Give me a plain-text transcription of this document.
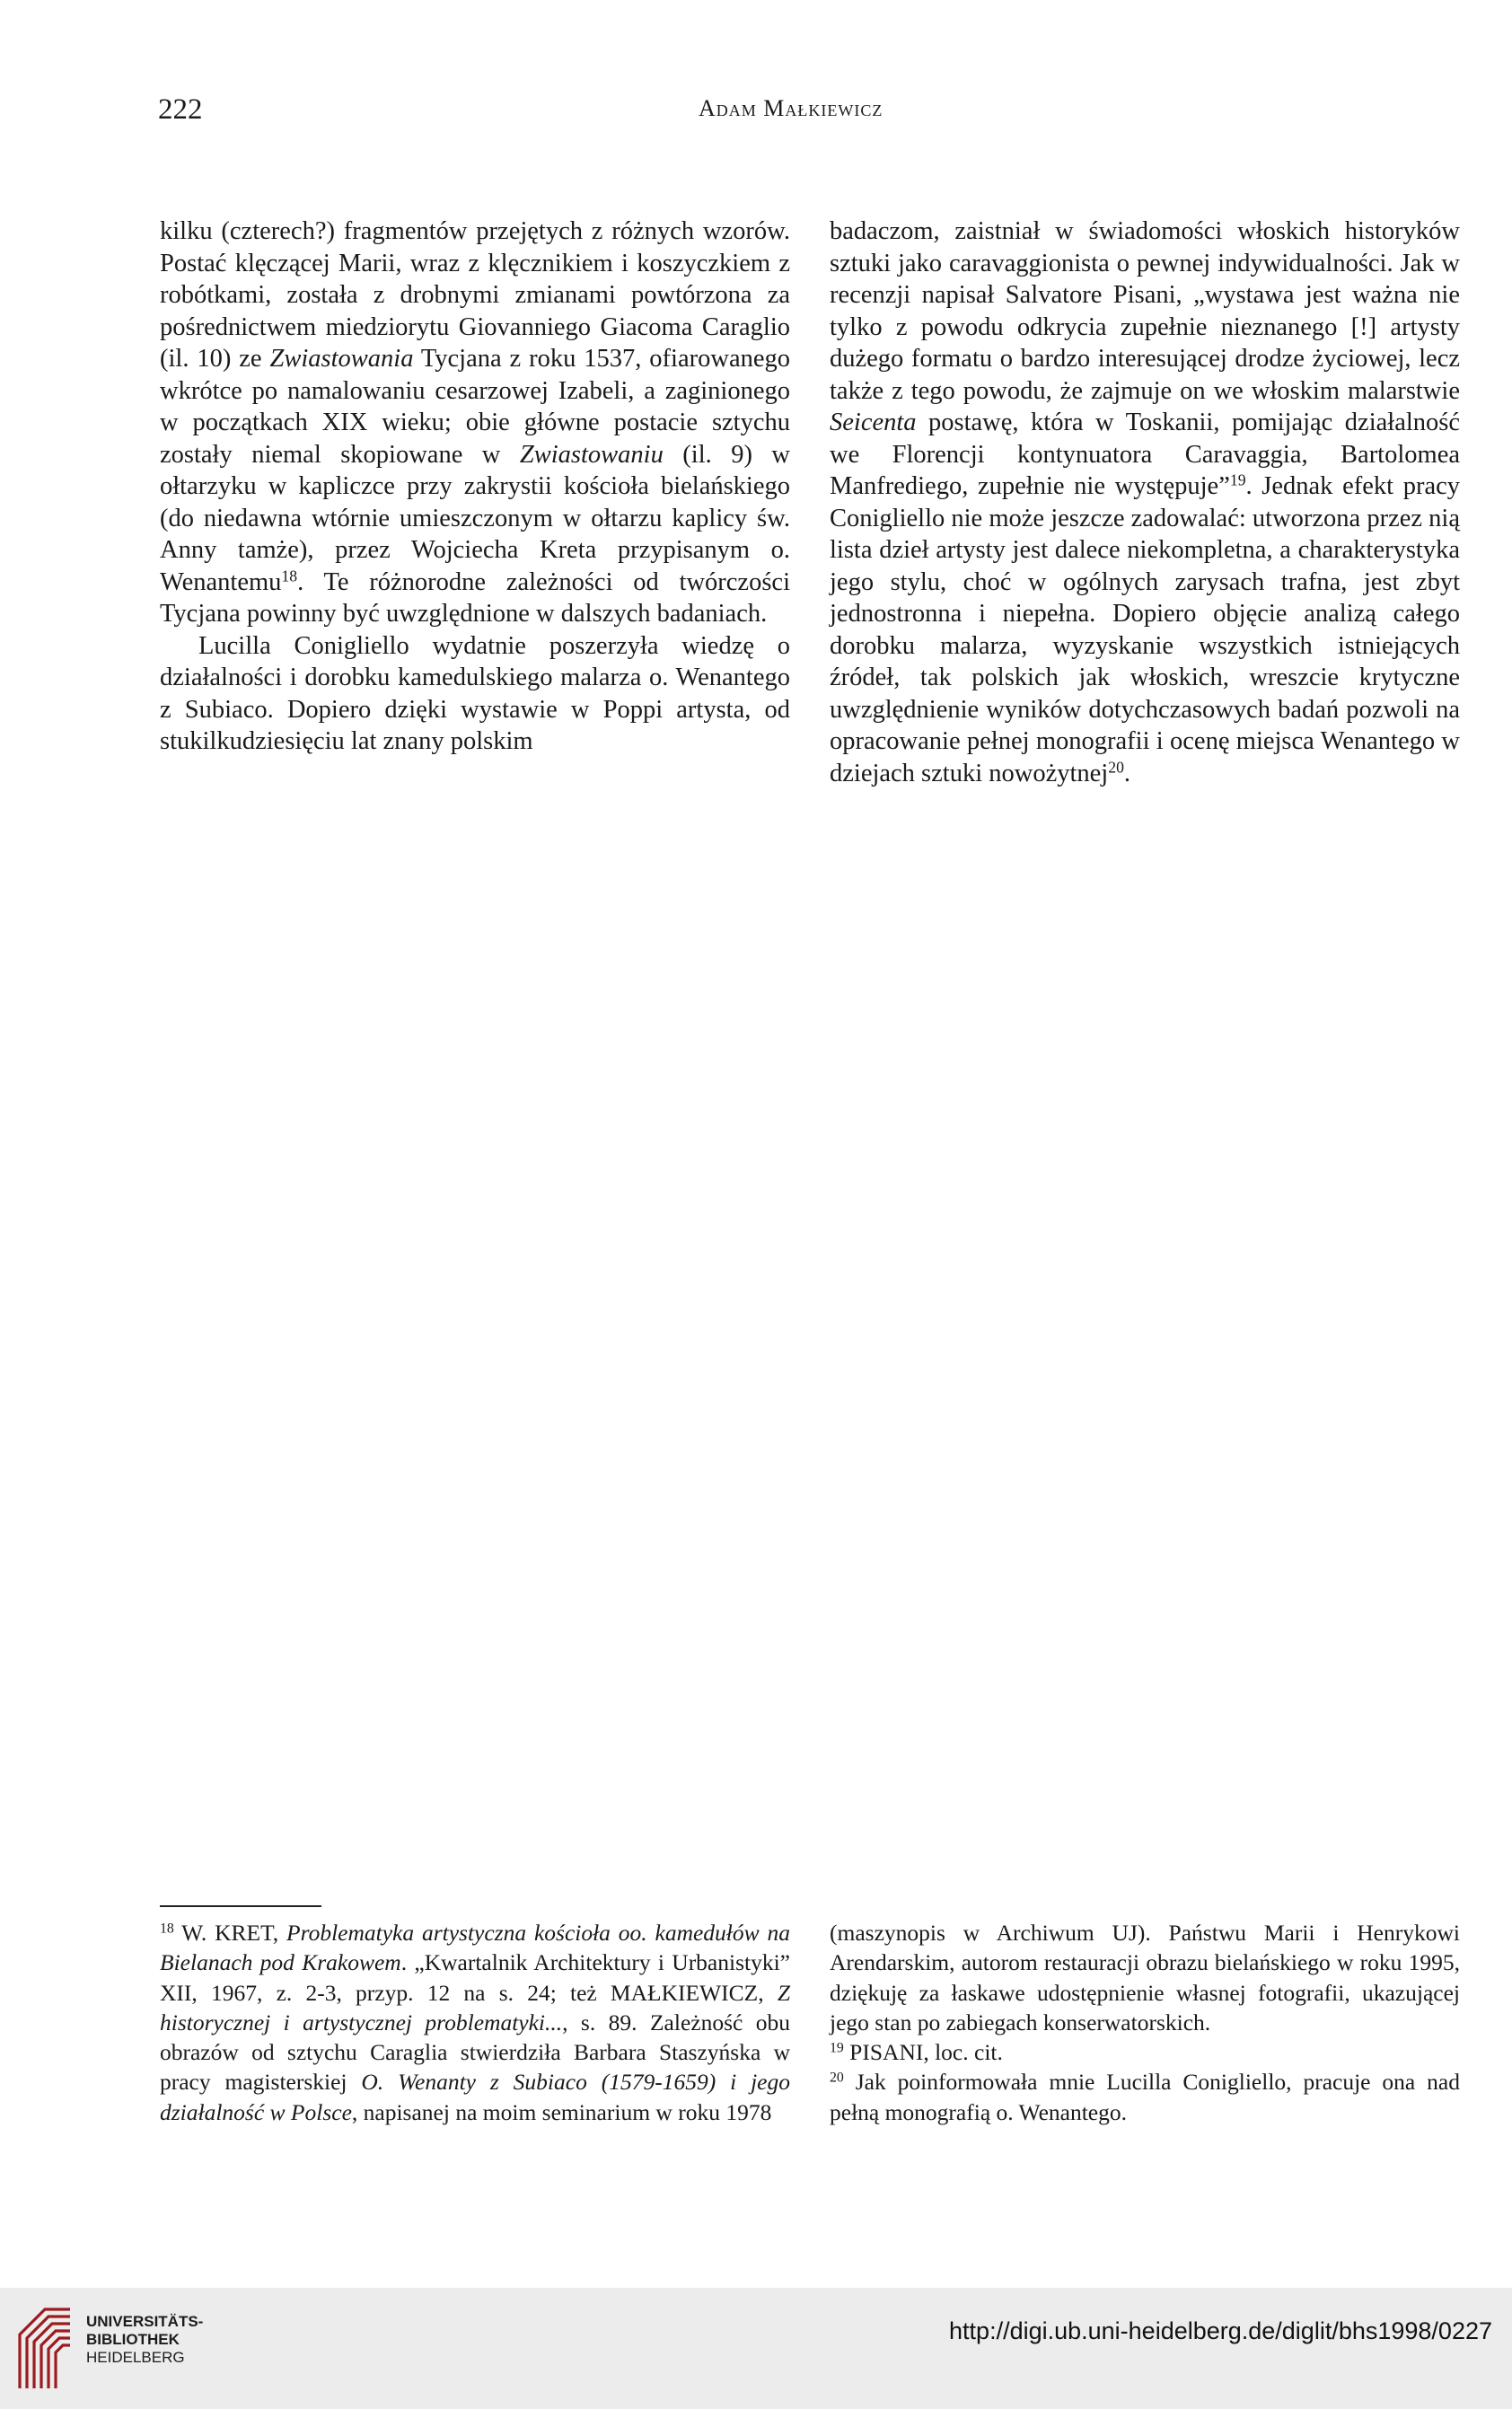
222	Adam Małkiewicz

kilku (czterech?) fragmentów przejętych z różnych wzorów. Postać klęczącej Marii, wraz z klęcznikiem i koszyczkiem z robótkami, została z drobnymi zmianami powtórzona za pośrednictwem miedziorytu Giovanniego Giacoma Caraglio (il. 10) ze Zwiastowania Tycjana z roku 1537, ofiarowanego wkrótce po namalowaniu cesarzowej Izabeli, a zaginionego w początkach XIX wieku; obie główne postacie sztychu zostały niemal skopiowane w Zwiastowaniu (il. 9) w ołtarzyku w kapliczce przy zakrystii kościoła bielańskiego (do niedawna wtórnie umieszczonym w ołtarzu kaplicy św. Anny tamże), przez Wojciecha Kreta przypisanym o. Wenantemu$^{18}$. Te różnorodne zależności od twórczości Tycjana powinny być uwzględnione w dalszych badaniach.

Lucilla Conigliello wydatnie poszerzyła wiedzę o działalności i dorobku kamedulskiego malarza o. Wenantego z Subiaco. Dopiero dzięki wystawie w Poppi artysta, od stukilkudziesięciu lat znany polskim

badaczom, zaistniał w świadomości włoskich historyków sztuki jako caravaggionista o pewnej indywidualności. Jak w recenzji napisał Salvatore Pisani, „wystawa jest ważna nie tylko z powodu odkrycia zupełnie nieznanego [!] artysty dużego formatu o bardzo interesującej drodze życiowej, lecz także z tego powodu, że zajmuje on we włoskim malarstwie Seicenta postawę, która w Toskanii, pomijając działalność we Florencji kontynuatora Caravaggia, Bartolomea Manfrediego, zupełnie nie występuje”$^{19}$. Jednak efekt pracy Conigliello nie może jeszcze zadowalać: utworzona przez nią lista dzieł artysty jest dalece niekompletna, a charakterystyka jego stylu, choć w ogólnych zarysach trafna, jest zbyt jednostronna i niepełna. Dopiero objęcie analizą całego dorobku malarza, wyzyskanie wszystkich istniejących źródeł, tak polskich jak włoskich, wreszcie krytyczne uwzględnienie wyników dotychczasowych badań pozwoli na opracowanie pełnej monografii i ocenę miejsca Wenantego w dziejach sztuki nowożytnej$^{20}$.

$^{18}$ W. KRET, Problematyka artystyczna kościoła oo. kamedułów na Bielanach pod Krakowem. „Kwartalnik Architektury i Urbanistyki” XII, 1967, z. 2-3, przyp. 12 na s. 24; też MAŁKIEWICZ, Z historycznej i artystycznej problematyki..., s. 89. Zależność obu obrazów od sztychu Caraglia stwierdziła Barbara Staszyńska w pracy magisterskiej O. Wenanty z Subiaco (1579-1659) i jego działalność w Polsce, napisanej na moim seminarium w roku 1978

(maszynopis w Archiwum UJ). Państwu Marii i Henrykowi Arendarskim, autorom restauracji obrazu bielańskiego w roku 1995, dziękuję za łaskawe udostępnienie własnej fotografii, ukazującej jego stan po zabiegach konserwatorskich.

$^{19}$ PISANI, loc. cit.

$^{20}$ Jak poinformowała mnie Lucilla Conigliello, pracuje ona nad pełną monografią o. Wenantego.

UNIVERSITÄTS-
BIBLIOTHEK
HEIDELBERG
http://digi.ub.uni-heidelberg.de/diglit/bhs1998/0227
